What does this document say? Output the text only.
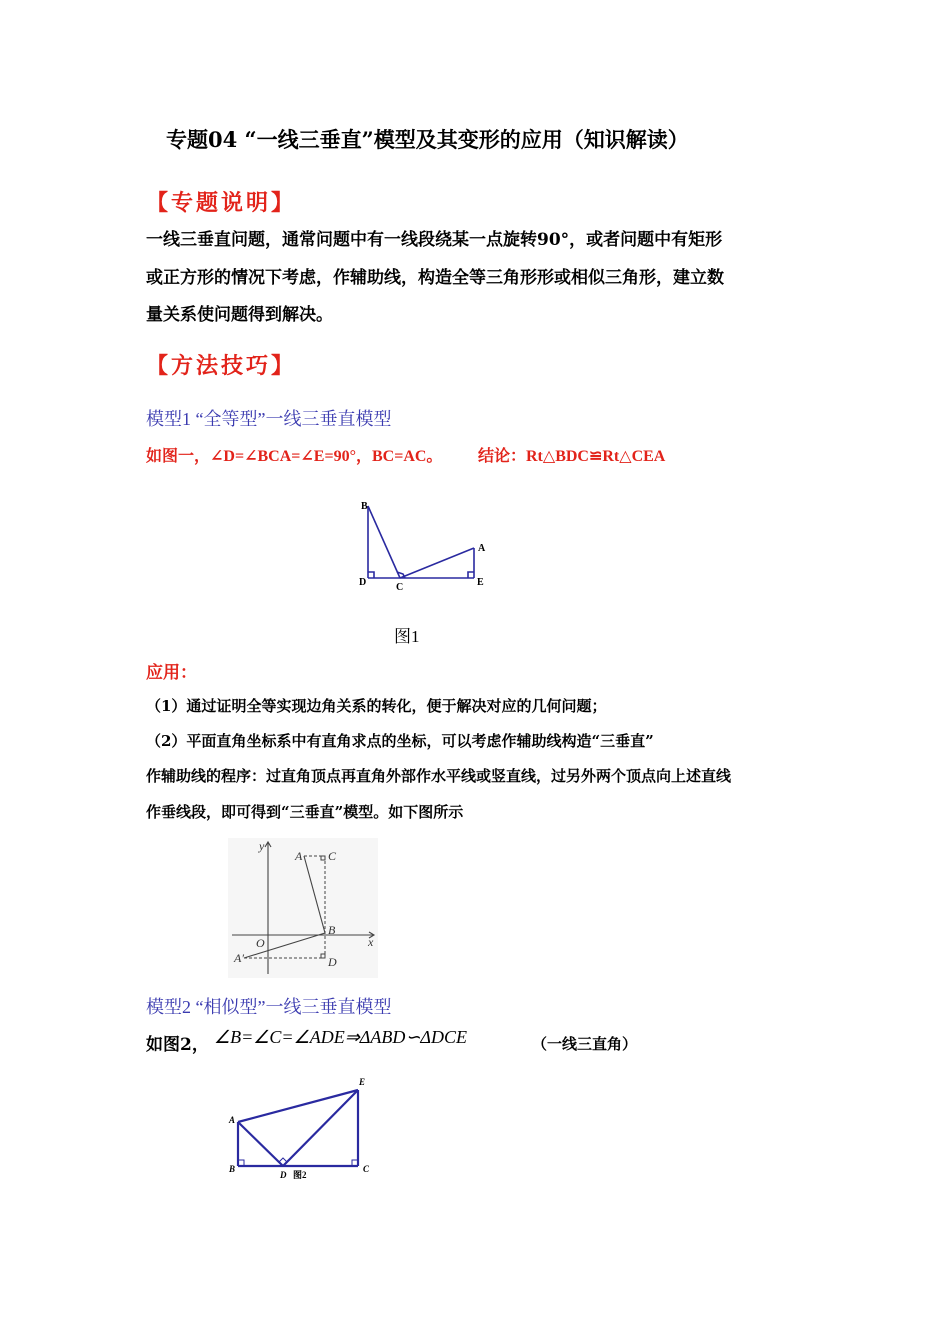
专题04 “一线三垂直”模型及其变形的应用（知识解读）
【专题说明】
一线三垂直问题，通常问题中有一线段绕某一点旋转90°，或者问题中有矩形
或正方形的情况下考虑，作辅助线，构造全等三角形形或相似三角形，建立数
量关系使问题得到解决。
【方法技巧】
模型1 “全等型”一线三垂直模型
如图一，∠D=∠BCA=∠E=90°，BC=AC。 结论：Rt△BDC≌Rt△CEA
B
A
D	C	E
图1
应用：
（1）通过证明全等实现边角关系的转化，便于解决对应的几何问题；
（2）平面直角坐标系中有直角求点的坐标，可以考虑作辅助线构造“三垂直”
作辅助线的程序：过直角顶点再直角外部作水平线或竖直线，过另外两个顶点向上述直线
作垂线段，即可得到“三垂直”模型。如下图所示
y
x
O
A C
B
A′	D
模型2 “相似型”一线三垂直模型
如图2， ∠B=∠C=∠ADE⇒ΔABD∽ΔDCE	（一线三直角）
A
E
B
D
C
图2
